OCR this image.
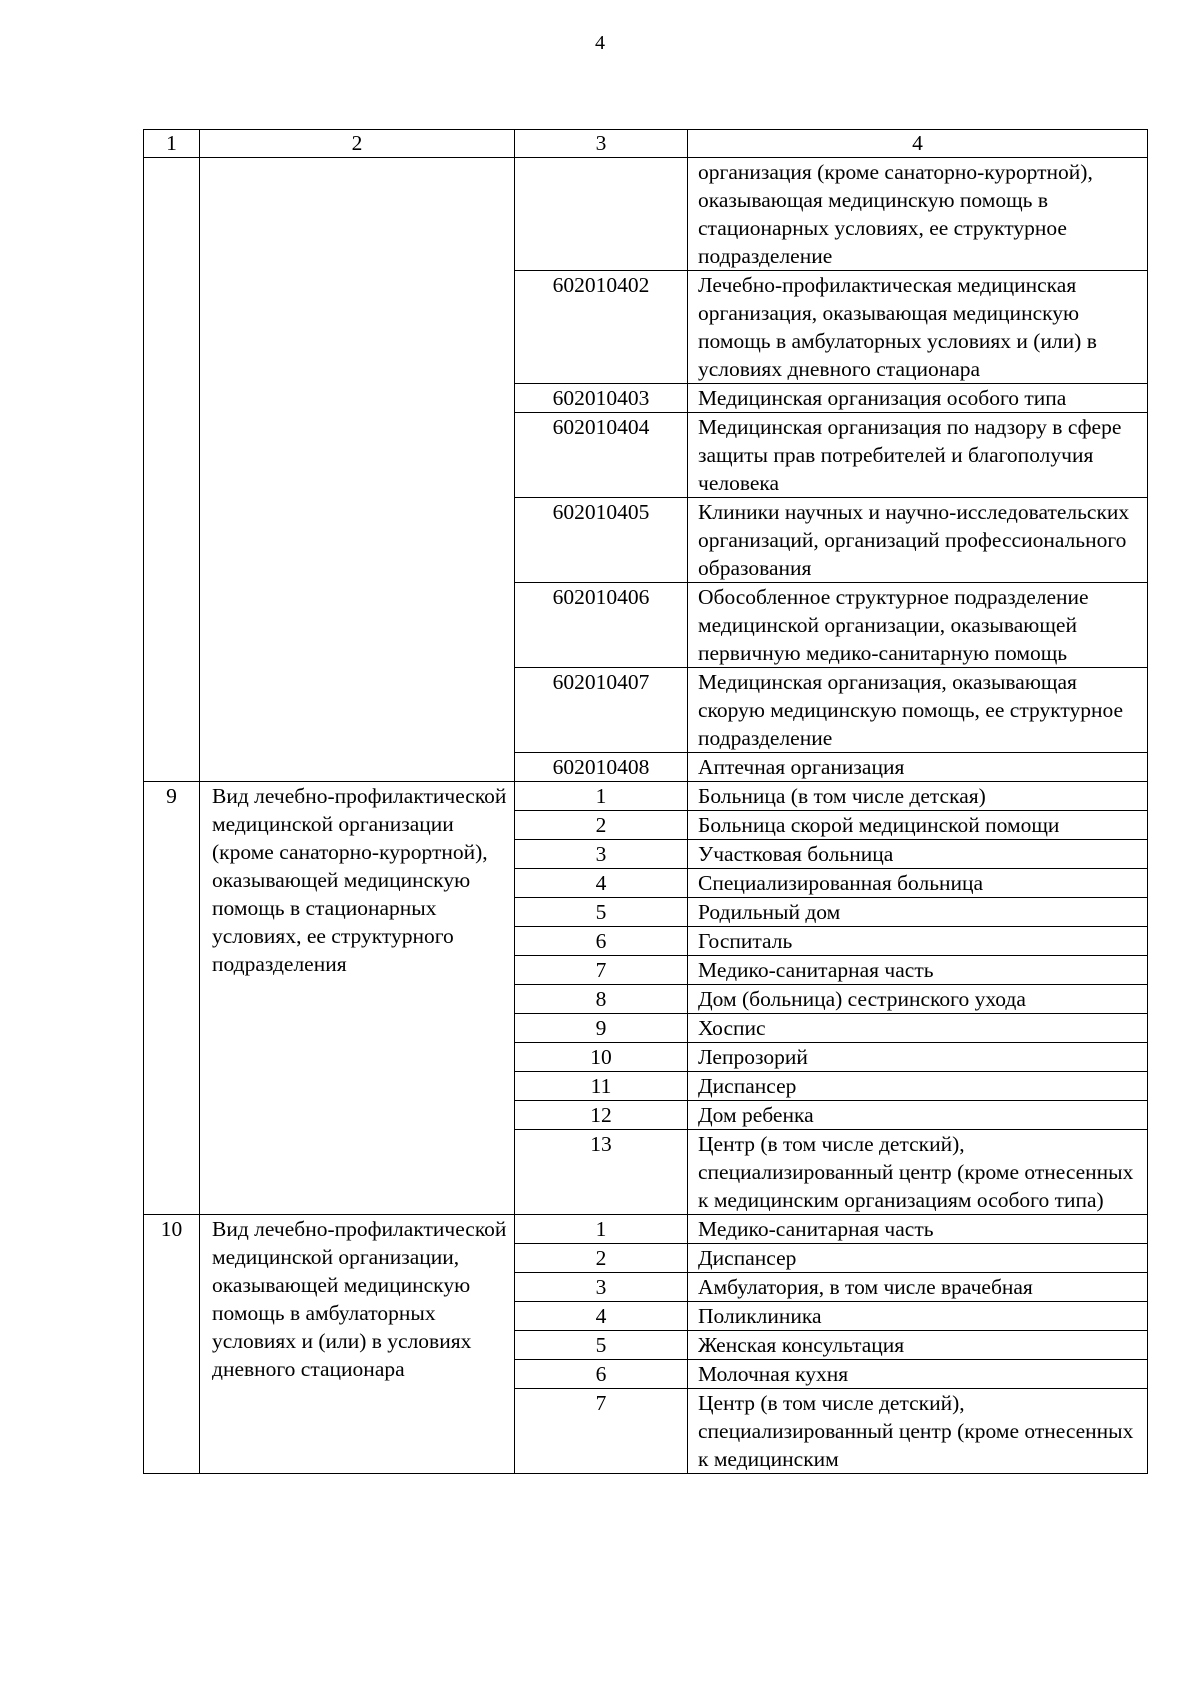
4
1	2	3	4
			организация (кроме санаторно-курортной), оказывающая медицинскую помощь в стационарных условиях, ее структурное подразделение
		602010402	Лечебно-профилактическая медицинская организация, оказывающая медицинскую помощь в амбулаторных условиях и (или) в условиях дневного стационара
		602010403	Медицинская организация особого типа
		602010404	Медицинская организация по надзору в сфере защиты прав потребителей и благополучия человека
		602010405	Клиники научных и научно-исследовательских организаций, организаций профессионального образования
		602010406	Обособленное структурное подразделение медицинской организации, оказывающей первичную медико-санитарную помощь
		602010407	Медицинская организация, оказывающая скорую медицинскую помощь, ее структурное подразделение
		602010408	Аптечная организация
9	Вид лечебно-профилактической медицинской организации (кроме санаторно-курортной), оказывающей медицинскую помощь в стационарных условиях, ее структурного подразделения	1	Больница (в том числе детская)
		2	Больница скорой медицинской помощи
		3	Участковая больница
		4	Специализированная больница
		5	Родильный дом
		6	Госпиталь
		7	Медико-санитарная часть
		8	Дом (больница) сестринского ухода
		9	Хоспис
		10	Лепрозорий
		11	Диспансер
		12	Дом ребенка
		13	Центр (в том числе детский), специализированный центр (кроме отнесенных к медицинским организациям особого типа)
10	Вид лечебно-профилактической медицинской организации, оказывающей медицинскую помощь в амбулаторных условиях и (или) в условиях дневного стационара	1	Медико-санитарная часть
		2	Диспансер
		3	Амбулатория, в том числе врачебная
		4	Поликлиника
		5	Женская консультация
		6	Молочная кухня
		7	Центр (в том числе детский), специализированный центр (кроме отнесенных к медицинским
